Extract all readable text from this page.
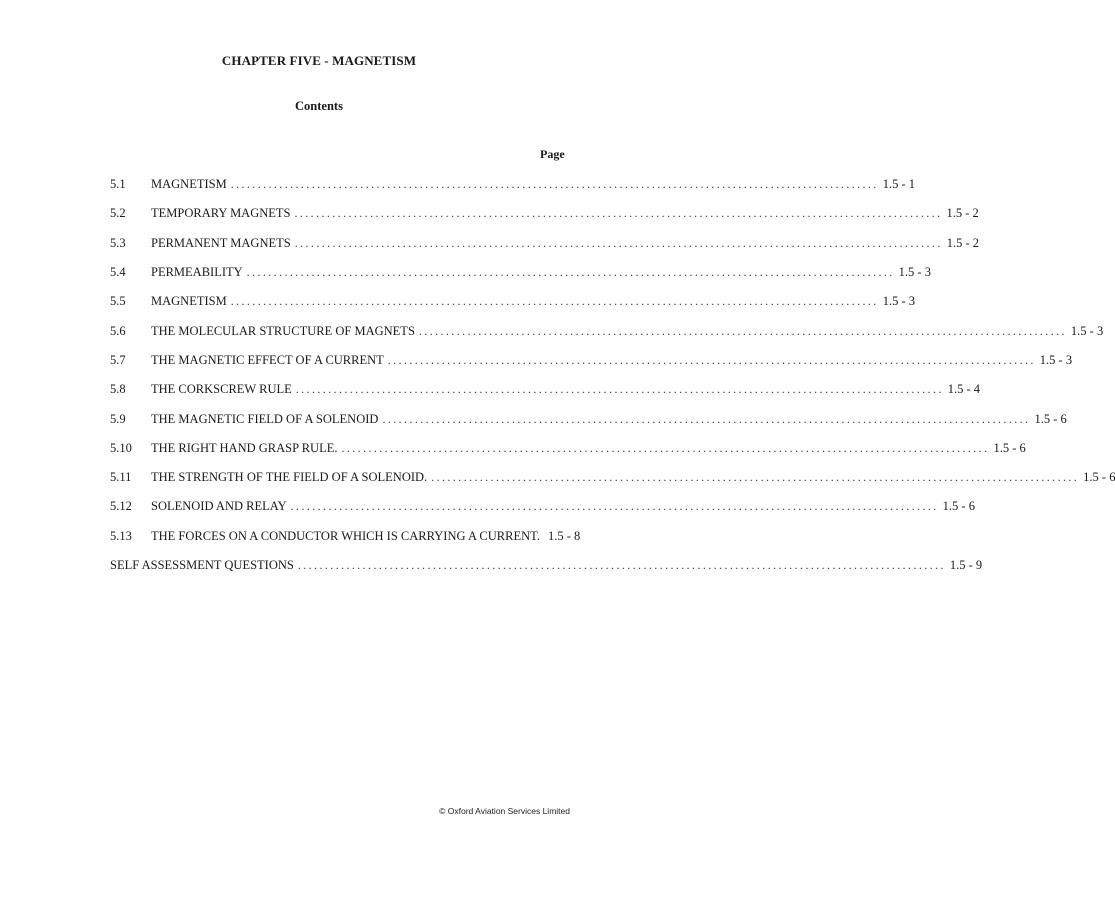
CHAPTER FIVE - MAGNETISM
Contents
Page
5.1	MAGNETISM ........................................................................................................................ 1.5 - 1
5.2	TEMPORARY MAGNETS ........................................................................................................................ 1.5 - 2
5.3	PERMANENT MAGNETS ........................................................................................................................ 1.5 - 2
5.4	PERMEABILITY ........................................................................................................................ 1.5 - 3
5.5	MAGNETISM ........................................................................................................................ 1.5 - 3
5.6	THE MOLECULAR STRUCTURE OF MAGNETS ........................................................................................................................ 1.5 - 3
5.7	THE MAGNETIC EFFECT OF A CURRENT ........................................................................................................................ 1.5 - 3
5.8	THE CORKSCREW RULE ........................................................................................................................ 1.5 - 4
5.9	THE MAGNETIC FIELD OF A SOLENOID ........................................................................................................................ 1.5 - 6
5.10	THE RIGHT HAND GRASP RULE. ........................................................................................................................ 1.5 - 6
5.11	THE STRENGTH OF THE FIELD OF A SOLENOID. ........................................................................................................................ 1.5 - 6
5.12	SOLENOID AND RELAY ........................................................................................................................ 1.5 - 6
5.13	THE FORCES ON A CONDUCTOR WHICH IS CARRYING A CURRENT. 1.5 - 8
SELF ASSESSMENT QUESTIONS ........................................................................................................................ 1.5 - 9
© Oxford Aviation Services Limited
